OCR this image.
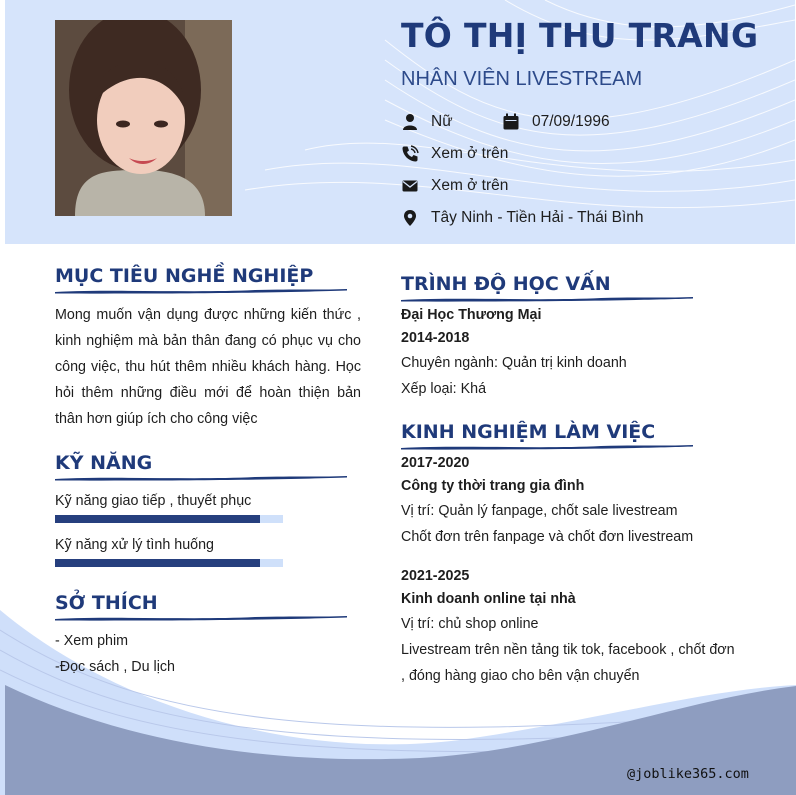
TÔ THỊ THU TRANG
NHÂN VIÊN LIVESTREAM
Nữ	07/09/1996
Xem ở trên
Xem ở trên
Tây Ninh - Tiền Hải - Thái Bình
MỤC TIÊU NGHỀ NGHIỆP
Mong muốn vận dụng được những kiến thức , kinh nghiệm mà bản thân đang có phục vụ cho công việc, thu hút thêm nhiều khách hàng. Học hỏi thêm những điều mới để hoàn thiện bản thân hơn giúp ích cho công việc
KỸ NĂNG
Kỹ năng giao tiếp , thuyết phục
Kỹ năng xử lý tình huống
SỞ THÍCH
- Xem phim
-Đọc sách , Du lịch
TRÌNH ĐỘ HỌC VẤN
Đại Học Thương Mại
2014-2018
Chuyên ngành: Quản trị kinh doanh
Xếp loại: Khá
KINH NGHIỆM LÀM VIỆC
2017-2020
Công ty thời trang gia đình
Vị trí: Quản lý fanpage, chốt sale livestream
Chốt đơn trên fanpage và chốt đơn livestream
2021-2025
Kinh doanh online tại nhà
Vị trí: chủ shop online
Livestream trên nền tảng tik tok, facebook , chốt đơn
, đóng hàng giao cho bên vận chuyển
@joblike365.com
